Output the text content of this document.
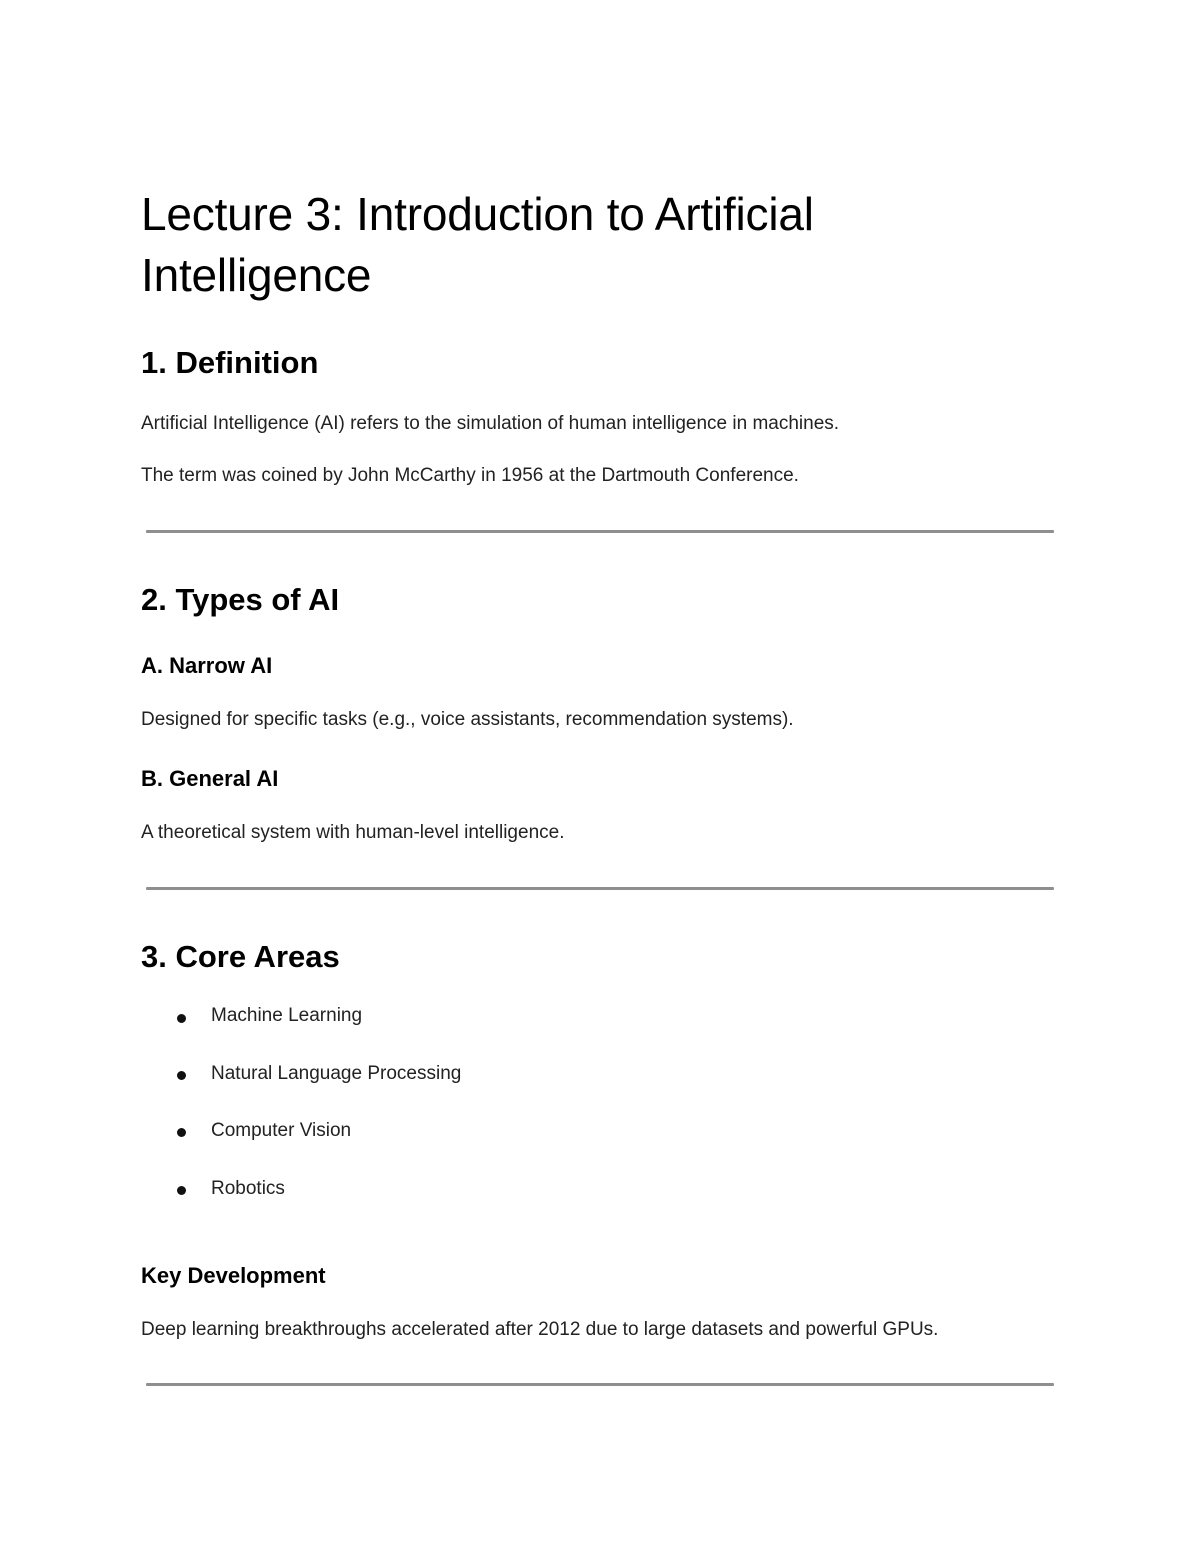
Lecture 3: Introduction to Artificial
Intelligence
1. Definition

Artificial Intelligence (AI) refers to the simulation of human intelligence in machines.

The term was coined by John McCarthy in 1956 at the Dartmouth Conference.

2. Types of AI
A. Narrow AI

Designed for specific tasks (e.g., voice assistants, recommendation systems).

B. General AI

A theoretical system with human-level intelligence.

3. Core Areas

Machine Learning

Natural Language Processing

Computer Vision

Robotics

Key Development

Deep learning breakthroughs accelerated after 2012 due to large datasets and powerful GPUs.
